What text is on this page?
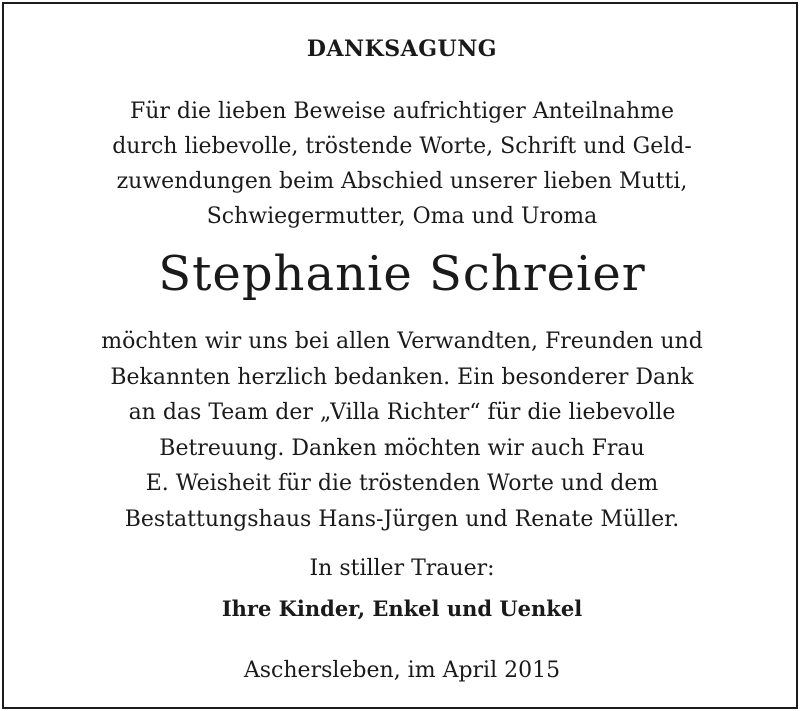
DANKSAGUNG
Für die lieben Beweise aufrichtiger Anteilnahme
durch liebevolle, tröstende Worte, Schrift und Geld-
zuwendungen beim Abschied unserer lieben Mutti,
Schwiegermutter, Oma und Uroma
Stephanie Schreier
möchten wir uns bei allen Verwandten, Freunden und
Bekannten herzlich bedanken. Ein besonderer Dank
an das Team der „Villa Richter“ für die liebevolle
Betreuung. Danken möchten wir auch Frau
E. Weisheit für die tröstenden Worte und dem
Bestattungshaus Hans-Jürgen und Renate Müller.
In stiller Trauer:
Ihre Kinder, Enkel und Uenkel
Aschersleben, im April 2015
